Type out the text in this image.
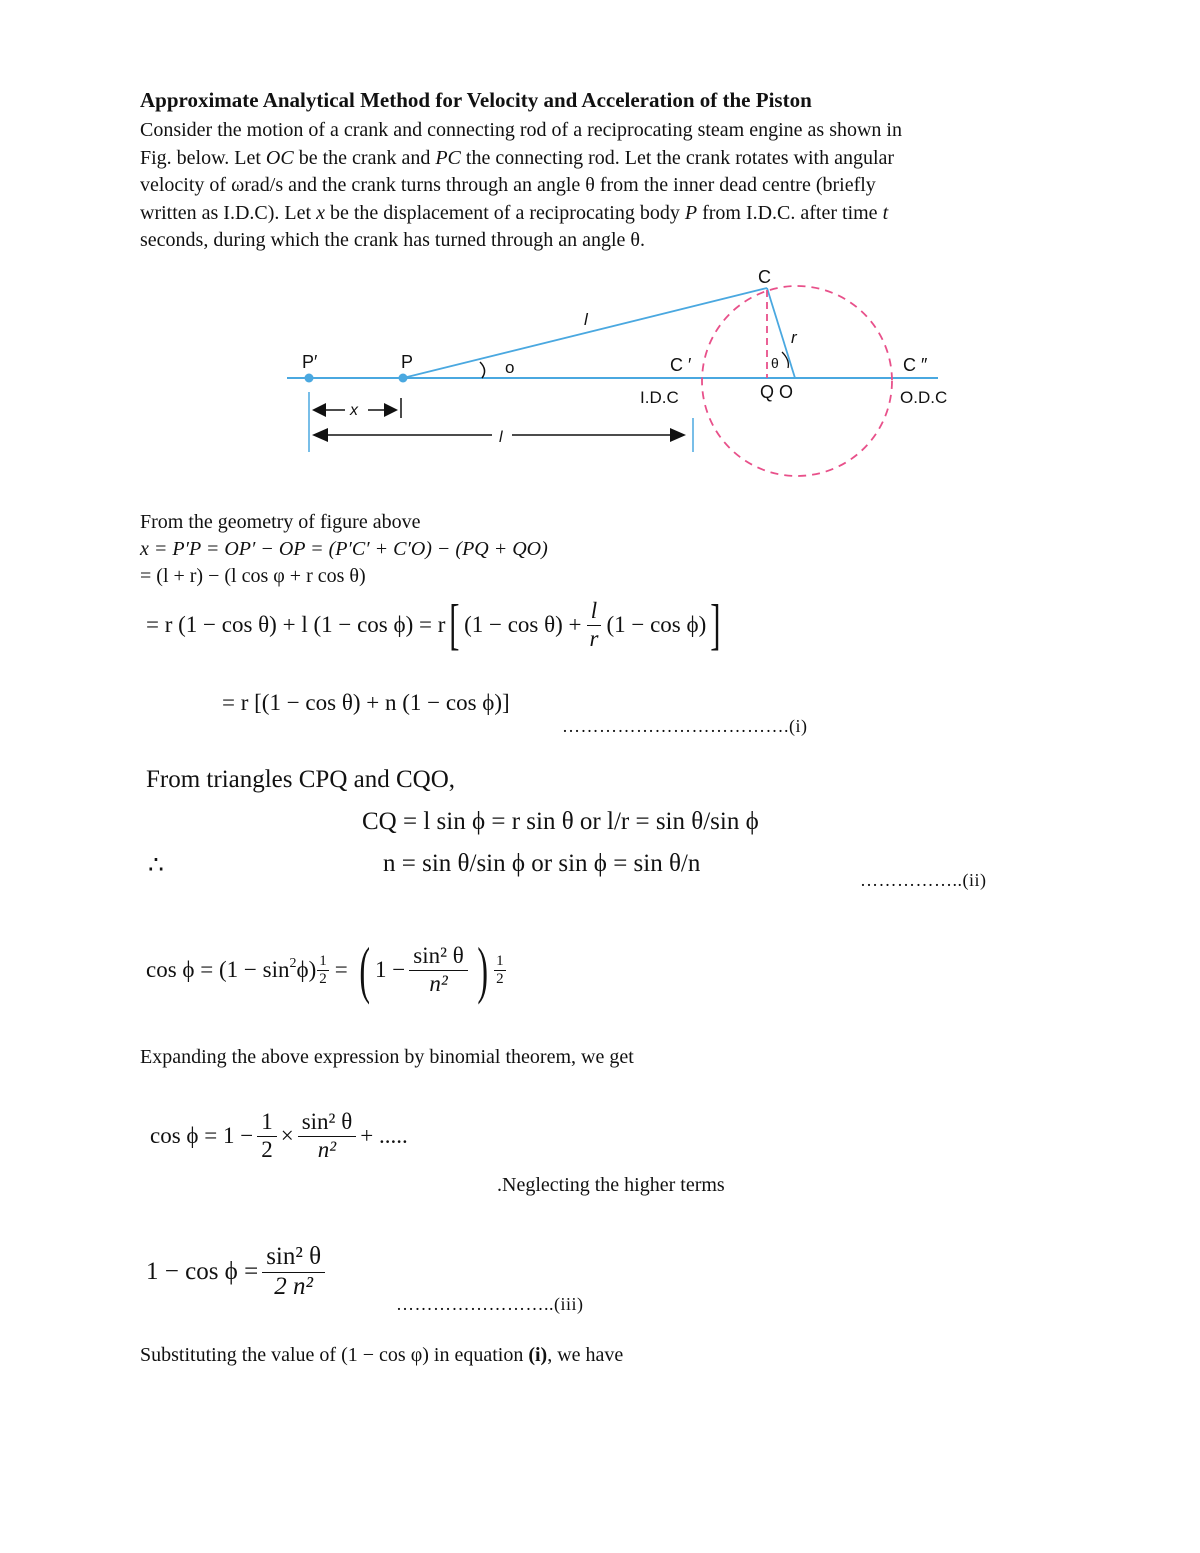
Approximate Analytical Method for Velocity and Acceleration of the Piston

Consider the motion of a crank and connecting rod of a reciprocating steam engine as shown in

Fig. below. Let OC be the crank and PC the connecting rod. Let the crank rotates with angular

velocity of ωrad/s and the crank turns through an angle θ from the inner dead centre (briefly

written as I.D.C). Let x be the displacement of a reciprocating body P from I.D.C. after time t

seconds, during which the crank has turned through an angle θ.

C
l
r
P′	P	ο	C ′	θ	C ″
I.D.C	Q O	O.D.C
x
l
From the geometry of figure above
x = P′P = OP′ − OP = (P′C′ + C′O) − (PQ + QO)
= (l + r) − (l cos φ + r cos θ)
= r (1 − cos θ) + l (1 − cos ϕ) = r [ $(1 - \cos \theta) + \frac{l}{r} (1 - \cos \phi)$ ]
= r [(1 − cos θ) + n (1 − cos ϕ)]
……………………………….(i)
From triangles CPQ and CQO,
CQ = l sin ϕ = r sin θ or l/r = sin θ/sin ϕ
∴	n = sin θ/sin ϕ or sin ϕ = sin θ/n
……………..(ii)
$\cos \phi = (1 - \sin^2 \phi) \frac{1}{2}$ = ( $1 - \frac{\text{sin² θ}}{\text{n²}}$ ) $\frac{1}{2}$
Expanding the above expression by binomial theorem, we get
$\cos \phi = 1 - \frac{1}{2} \times \frac{\text{sin² θ}}{\text{n²}}$ + .....
.Neglecting the higher terms
$1 - \cos \phi = \frac{\text{sin² θ}}{\text{2 n²}}$
……………………..(iii)
Substituting the value of (1 − cos φ) in equation (i), we have
